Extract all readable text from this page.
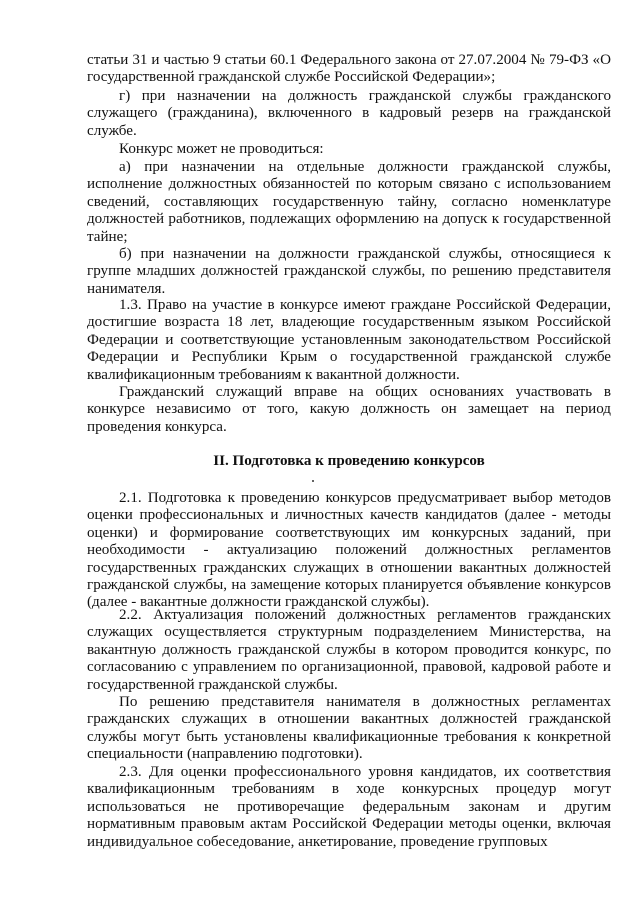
статьи 31 и частью 9 статьи 60.1 Федерального закона от 27.07.2004 № 79-ФЗ «О государственной гражданской службе Российской Федерации»;

г) при назначении на должность гражданской службы гражданского служащего (гражданина), включенного в кадровый резерв на гражданской службе.

Конкурс может не проводиться:

а) при назначении на отдельные должности гражданской службы, исполнение должностных обязанностей по которым связано с использованием сведений, составляющих государственную тайну, согласно номенклатуре должностей работников, подлежащих оформлению на допуск к государственной тайне;

б) при назначении на должности гражданской службы, относящиеся к группе младших должностей гражданской службы, по решению представителя нанимателя.

1.3. Право на участие в конкурсе имеют граждане Российской Федерации, достигшие возраста 18 лет, владеющие государственным языком Российской Федерации и соответствующие установленным законодательством Российской Федерации и Республики Крым о государственной гражданской службе квалификационным требованиям к вакантной должности.

Гражданский служащий вправе на общих основаниях участвовать в конкурсе независимо от того, какую должность он замещает на период проведения конкурса.

II. Подготовка к проведению конкурсов

2.1. Подготовка к проведению конкурсов предусматривает выбор методов оценки профессиональных и личностных качеств кандидатов (далее - методы оценки) и формирование соответствующих им конкурсных заданий, при необходимости - актуализацию положений должностных регламентов государственных гражданских служащих в отношении вакантных должностей гражданской службы, на замещение которых планируется объявление конкурсов (далее - вакантные должности гражданской службы).

2.2. Актуализация положений должностных регламентов гражданских служащих осуществляется структурным подразделением Министерства, на вакантную должность гражданской службы в котором проводится конкурс, по согласованию с управлением по организационной, правовой, кадровой работе и государственной гражданской службы.

По решению представителя нанимателя в должностных регламентах гражданских служащих в отношении вакантных должностей гражданской службы могут быть установлены квалификационные требования к конкретной специальности (направлению подготовки).

2.3. Для оценки профессионального уровня кандидатов, их соответствия квалификационным требованиям в ходе конкурсных процедур могут использоваться не противоречащие федеральным законам и другим нормативным правовым актам Российской Федерации методы оценки, включая индивидуальное собеседование, анкетирование, проведение групповых
